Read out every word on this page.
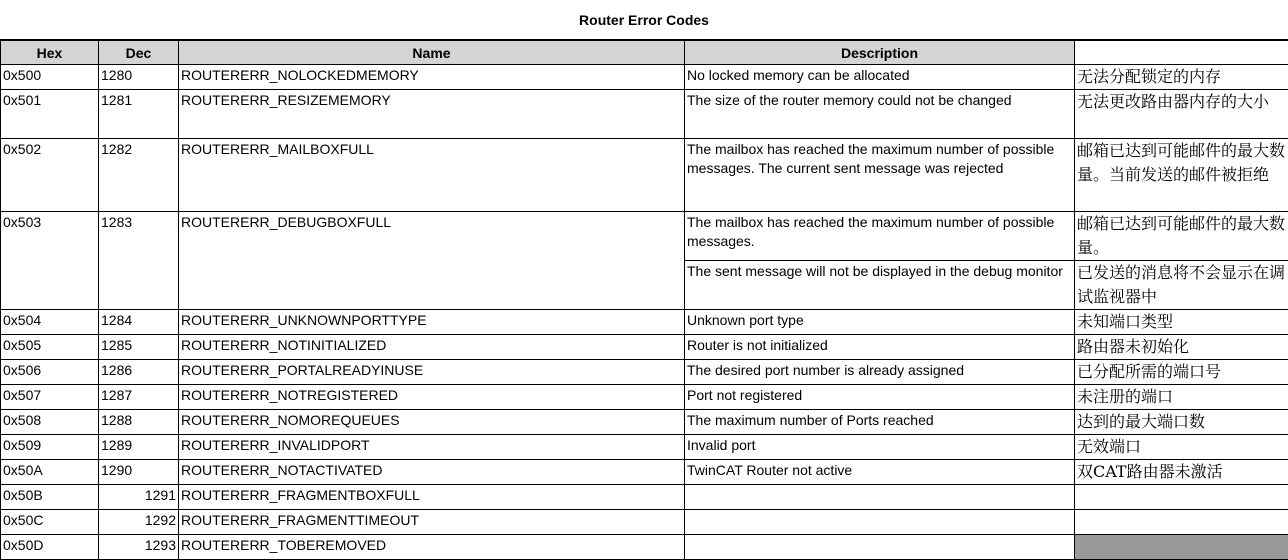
Router Error Codes
Hex	Dec	Name	Description	
0x500	1280	ROUTERERR_NOLOCKEDMEMORY	No locked memory can be allocated	无法分配锁定的内存
0x501	1281	ROUTERERR_RESIZEMEMORY	The size of the router memory could not be changed	无法更改路由器内存的大小
0x502	1282	ROUTERERR_MAILBOXFULL	The mailbox has reached the maximum number of possible messages. The current sent message was rejected	邮箱已达到可能邮件的最大数量。当前发送的邮件被拒绝
0x503	1283	ROUTERERR_DEBUGBOXFULL	The mailbox has reached the maximum number of possible messages.	邮箱已达到可能邮件的最大数量。
			The sent message will not be displayed in the debug monitor	已发送的消息将不会显示在调试监视器中
0x504	1284	ROUTERERR_UNKNOWNPORTTYPE	Unknown port type	未知端口类型
0x505	1285	ROUTERERR_NOTINITIALIZED	Router is not initialized	路由器未初始化
0x506	1286	ROUTERERR_PORTALREADYINUSE	The desired port number is already assigned	已分配所需的端口号
0x507	1287	ROUTERERR_NOTREGISTERED	Port not registered	未注册的端口
0x508	1288	ROUTERERR_NOMOREQUEUES	The maximum number of Ports reached	达到的最大端口数
0x509	1289	ROUTERERR_INVALIDPORT	Invalid port	无效端口
0x50A	1290	ROUTERERR_NOTACTIVATED	TwinCAT Router not active	双CAT路由器未激活
0x50B	1291	ROUTERERR_FRAGMENTBOXFULL		
0x50C	1292	ROUTERERR_FRAGMENTTIMEOUT		
0x50D	1293	ROUTERERR_TOBEREMOVED		
